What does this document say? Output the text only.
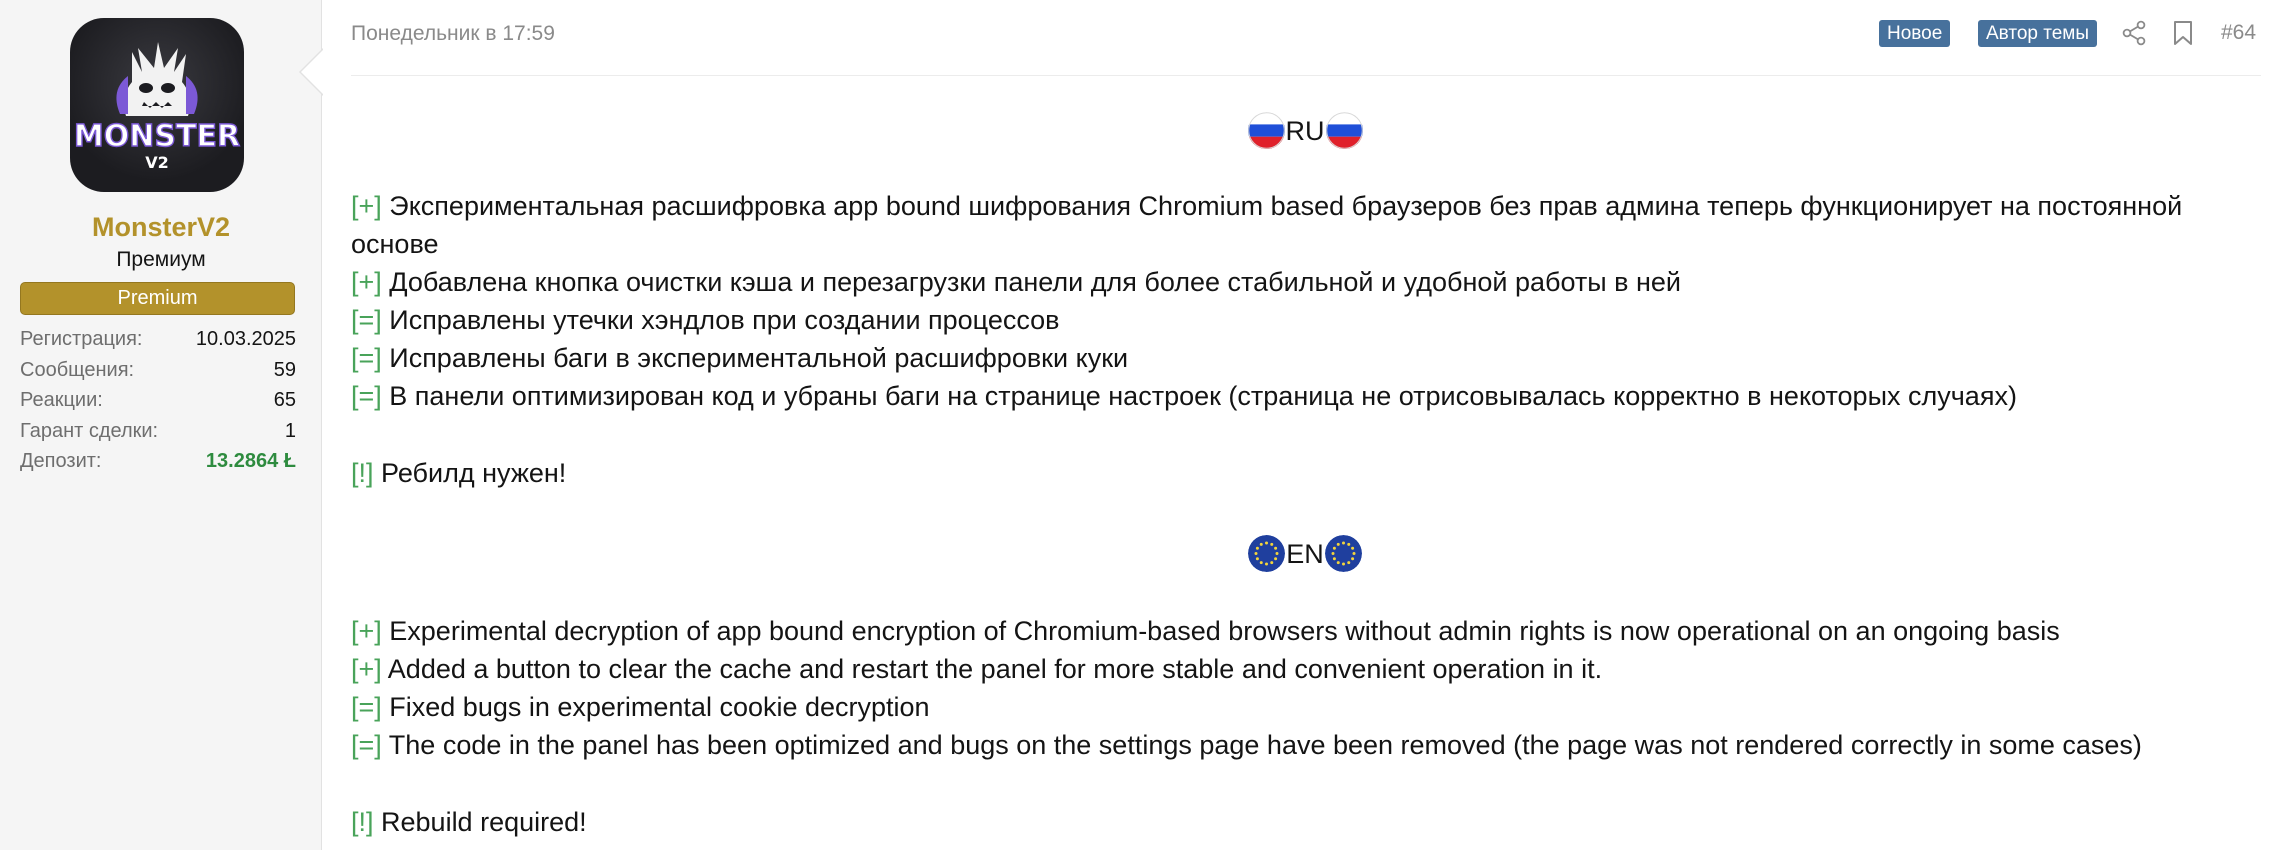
MONSTER
V2
MonsterV2
Премиум
Premium
Регистрация:	10.03.2025
Сообщения:	59
Реакции:	65
Гарант сделки:	1
Депозит:	13.2864 Ł
Понедельник в 17:59	Новое	Автор темы	#64
RU
[+] Экспериментальная расшифровка app bound шифрования Chromium based браузеров без прав админа теперь функционирует на постоянной
основе
[+] Добавлена кнопка очистки кэша и перезагрузки панели для более стабильной и удобной работы в ней
[=] Исправлены утечки хэндлов при создании процессов
[=] Исправлены баги в экспериментальной расшифровки куки
[=] В панели оптимизирован код и убраны баги на странице настроек (страница не отрисовывалась корректно в некоторых случаях)
[!] Ребилд нужен!
EN
[+] Experimental decryption of app bound encryption of Chromium-based browsers without admin rights is now operational on an ongoing basis
[+] Added a button to clear the cache and restart the panel for more stable and convenient operation in it.
[=] Fixed bugs in experimental cookie decryption
[=] The code in the panel has been optimized and bugs on the settings page have been removed (the page was not rendered correctly in some cases)
[!] Rebuild required!
